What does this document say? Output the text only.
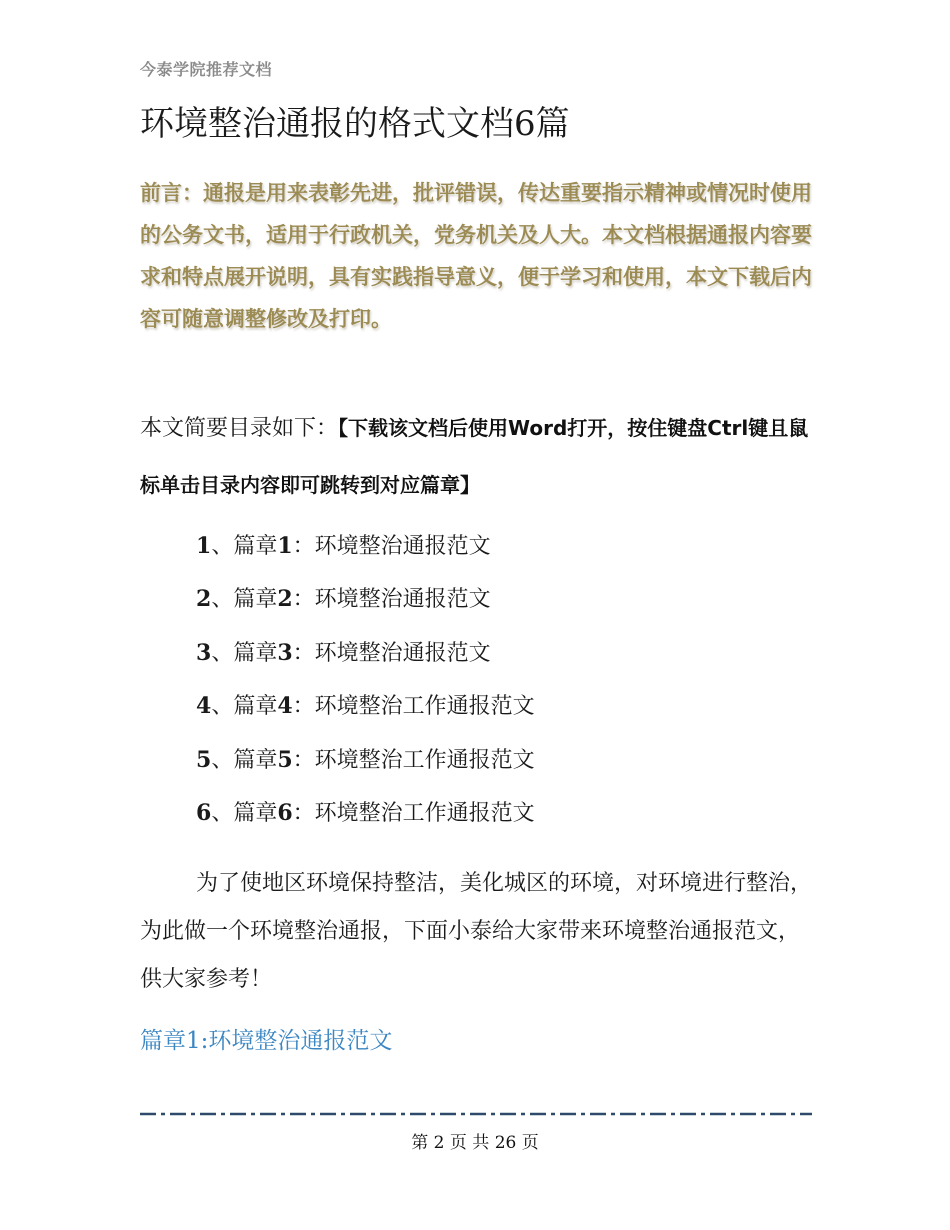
今泰学院推荐文档
环境整治通报的格式文档6篇

前言：通报是用来表彰先进，批评错误，传达重要指示精神或情况时使用的公务文书，适用于行政机关，党务机关及人大。本文档根据通报内容要求和特点展开说明，具有实践指导意义，便于学习和使用，本文下载后内容可随意调整修改及打印。

本文简要目录如下：【下载该文档后使用Word打开，按住键盘Ctrl键且鼠标单击目录内容即可跳转到对应篇章】

1、篇章1：环境整治通报范文
2、篇章2：环境整治通报范文
3、篇章3：环境整治通报范文
4、篇章4：环境整治工作通报范文
5、篇章5：环境整治工作通报范文
6、篇章6：环境整治工作通报范文

为了使地区环境保持整洁，美化城区的环境，对环境进行整治，为此做一个环境整治通报，下面小泰给大家带来环境整治通报范文，供大家参考！

篇章1:环境整治通报范文
第 2 页 共 26 页
